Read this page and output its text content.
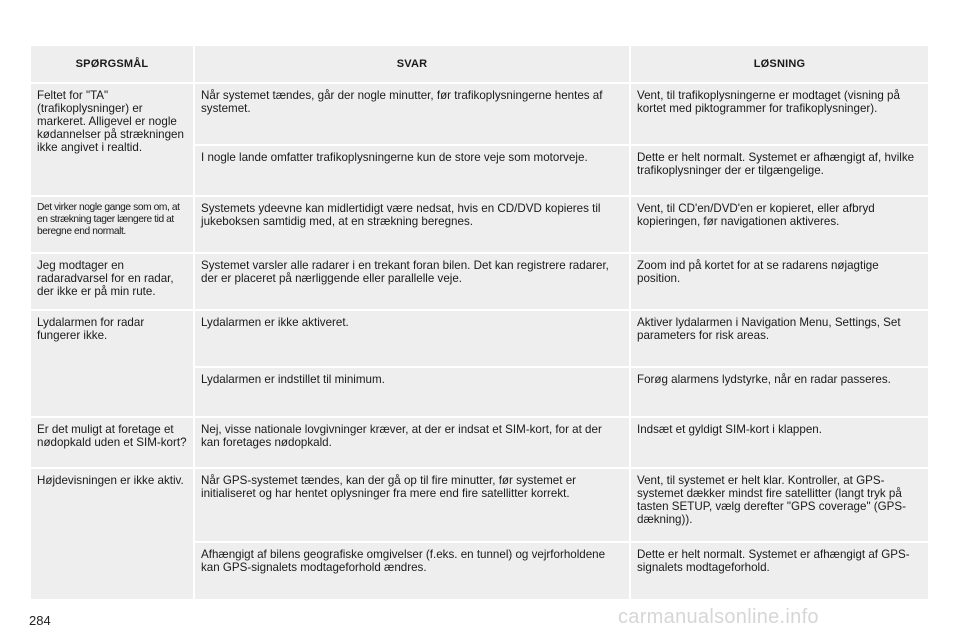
SPØRGSMÅL	SVAR	LØSNING

Feltet for "TA" (trafikoplysninger) er markeret. Alligevel er nogle kødannelser på strækningen ikke angivet i realtid.	Når systemet tændes, går der nogle minutter, før trafikoplysningerne hentes af systemet.	Vent, til trafikoplysningerne er modtaget (visning på kortet med piktogrammer for trafikoplysninger).

	I nogle lande omfatter trafikoplysningerne kun de store veje som motorveje.	Dette er helt normalt. Systemet er afhængigt af, hvilke trafikoplysninger der er tilgængelige.

Det virker nogle gange som om, at en strækning tager længere tid at beregne end normalt.	Systemets ydeevne kan midlertidigt være nedsat, hvis en CD/DVD kopieres til jukeboksen samtidig med, at en strækning beregnes.	Vent, til CD'en/DVD'en er kopieret, eller afbryd kopieringen, før navigationen aktiveres.

Jeg modtager en radaradvarsel for en radar, der ikke er på min rute.	Systemet varsler alle radarer i en trekant foran bilen. Det kan registrere radarer, der er placeret på nærliggende eller parallelle veje.	Zoom ind på kortet for at se radarens nøjagtige position.

Lydalarmen for radar fungerer ikke.	Lydalarmen er ikke aktiveret.	Aktiver lydalarmen i Navigation Menu, Settings, Set parameters for risk areas.

	Lydalarmen er indstillet til minimum.	Forøg alarmens lydstyrke, når en radar passeres.

Er det muligt at foretage et nødopkald uden et SIM-kort?	Nej, visse nationale lovgivninger kræver, at der er indsat et SIM-kort, for at der kan foretages nødopkald.	Indsæt et gyldigt SIM-kort i klappen.

Højdevisningen er ikke aktiv.	Når GPS-systemet tændes, kan der gå op til fire minutter, før systemet er initialiseret og har hentet oplysninger fra mere end fire satellitter korrekt.	Vent, til systemet er helt klar. Kontroller, at GPS-systemet dækker mindst fire satellitter (langt tryk på tasten SETUP, vælg derefter "GPS coverage" (GPS-dækning)).

	Afhængigt af bilens geografiske omgivelser (f.eks. en tunnel) og vejrforholdene kan GPS-signalets modtageforhold ændres.	Dette er helt normalt. Systemet er afhængigt af GPS-signalets modtageforhold.
284	carmanualsonline.info
